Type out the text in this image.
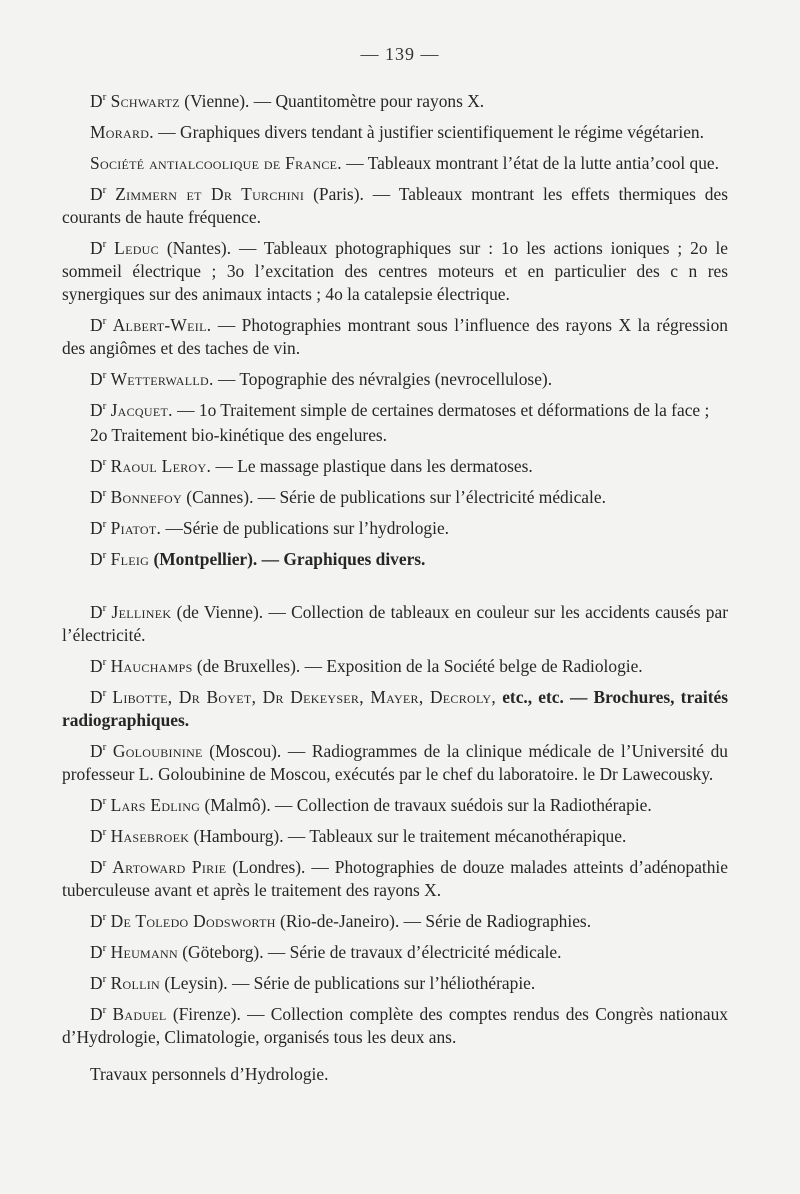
— 139 —

$D^r$ Schwartz (Vienne). — Quantitomètre pour rayons X.

Morard. — Graphiques divers tendant à justifier scientifiquement le régime végétarien.

Société antialcoolique de France. — Tableaux montrant l’état de la lutte antia’cool que.

$D^r$ Zimmern et Dr Turchini (Paris). — Tableaux montrant les effets thermiques des courants de haute fréquence.

$D^r$ Leduc (Nantes). — Tableaux photographiques sur : 1o les actions ioniques ; 2o le sommeil électrique ; 3o l’excitation des centres moteurs et en particulier des c n res synergiques sur des animaux intacts ; 4o la catalepsie électrique.

$D^r$ Albert-Weil. — Photographies montrant sous l’influence des rayons X la régression des angiômes et des taches de vin.

$D^r$ Wetterwalld. — Topographie des névralgies (nevrocellulose).

$D^r$ Jacquet. — 1o Traitement simple de certaines dermatoses et déformations de la face ;

2o Traitement bio-kinétique des engelures.

$D^r$ Raoul Leroy. — Le massage plastique dans les dermatoses.

$D^r$ Bonnefoy (Cannes). — Série de publications sur l’électricité médicale.

$D^r$ Piatot. —Série de publications sur l’hydrologie.

$D^r$ Fleig (Montpellier). — Graphiques divers.

$D^r$ Jellinek (de Vienne). — Collection de tableaux en couleur sur les accidents causés par l’électricité.

$D^r$ Hauchamps (de Bruxelles). — Exposition de la Société belge de Radiologie.

$D^r$ Libotte, Dr Boyet, Dr Dekeyser, Mayer, Decroly, etc., etc. — Brochures, traités radiographiques.

$D^r$ Goloubinine (Moscou). — Radiogrammes de la clinique médicale de l’Université du professeur L. Goloubinine de Moscou, exécutés par le chef du laboratoire. le Dr Lawecousky.

$D^r$ Lars Edling (Malmô). — Collection de travaux suédois sur la Radiothérapie.

$D^r$ Hasebroek (Hambourg). — Tableaux sur le traitement mécanothérapique.

$D^r$ Artoward Pirie (Londres). — Photographies de douze malades atteints d’adénopathie tuberculeuse avant et après le traitement des rayons X.

$D^r$ De Toledo Dodsworth (Rio-de-Janeiro). — Série de Radiographies.

$D^r$ Heumann (Göteborg). — Série de travaux d’électricité médicale.

$D^r$ Rollin (Leysin). — Série de publications sur l’héliothérapie.

$D^r$ Baduel (Firenze). — Collection complète des comptes rendus des Congrès nationaux d’Hydrologie, Climatologie, organisés tous les deux ans.

Travaux personnels d’Hydrologie.
